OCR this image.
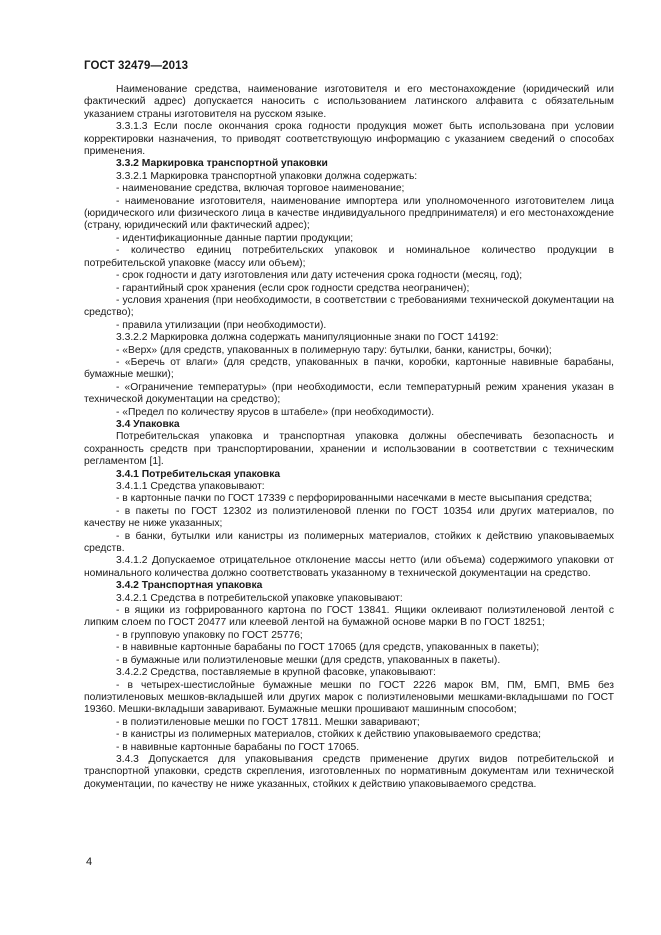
ГОСТ 32479—2013

Наименование средства, наименование изготовителя и его местонахождение (юридический или фактический адрес) допускается наносить с использованием латинского алфавита с обязательным указанием страны изготовителя на русском языке.

3.3.1.3 Если после окончания срока годности продукция может быть использована при условии корректировки назначения, то приводят соответствующую информацию с указанием сведений о способах применения.

3.3.2 Маркировка транспортной упаковки

3.3.2.1 Маркировка транспортной упаковки должна содержать:

- наименование средства, включая торговое наименование;

- наименование изготовителя, наименование импортера или уполномоченного изготовителем лица (юридического или физического лица в качестве индивидуального предпринимателя) и его местонахождение (страну, юридический или фактический адрес);

- идентификационные данные партии продукции;

- количество единиц потребительских упаковок и номинальное количество продукции в потребительской упаковке (массу или объем);

- срок годности и дату изготовления или дату истечения срока годности (месяц, год);

- гарантийный срок хранения (если срок годности средства неограничен);

- условия хранения (при необходимости, в соответствии с требованиями технической документации на средство);

- правила утилизации (при необходимости).

3.3.2.2 Маркировка должна содержать манипуляционные знаки по ГОСТ 14192:

- «Верх» (для средств, упакованных в полимерную тару: бутылки, банки, канистры, бочки);

- «Беречь от влаги» (для средств, упакованных в пачки, коробки, картонные навивные барабаны, бумажные мешки);

- «Ограничение температуры» (при необходимости, если температурный режим хранения указан в технической документации на средство);

- «Предел по количеству ярусов в штабеле» (при необходимости).

3.4 Упаковка

Потребительская упаковка и транспортная упаковка должны обеспечивать безопасность и сохранность средств при транспортировании, хранении и использовании в соответствии с техническим регламентом [1].

3.4.1 Потребительская упаковка

3.4.1.1 Средства упаковывают:

- в картонные пачки по ГОСТ 17339 с перфорированными насечками в месте высыпания средства;

- в пакеты по ГОСТ 12302 из полиэтиленовой пленки по ГОСТ 10354 или других материалов, по качеству не ниже указанных;

- в банки, бутылки или канистры из полимерных материалов, стойких к действию упаковываемых средств.

3.4.1.2 Допускаемое отрицательное отклонение массы нетто (или объема) содержимого упаковки от номинального количества должно соответствовать указанному в технической документации на средство.

3.4.2 Транспортная упаковка

3.4.2.1 Средства в потребительской упаковке упаковывают:

- в ящики из гофрированного картона по ГОСТ 13841. Ящики оклеивают полиэтиленовой лентой с липким слоем по ГОСТ 20477 или клеевой лентой на бумажной основе марки В по ГОСТ 18251;

- в групповую упаковку по ГОСТ 25776;

- в навивные картонные барабаны по ГОСТ 17065 (для средств, упакованных в пакеты);

- в бумажные или полиэтиленовые мешки (для средств, упакованных в пакеты).

3.4.2.2 Средства, поставляемые в крупной фасовке, упаковывают:

- в четырех-шестислойные бумажные мешки по ГОСТ 2226 марок ВМ, ПМ, БМП, ВМБ без полиэтиленовых мешков-вкладышей или других марок с полиэтиленовыми мешками-вкладышами по ГОСТ 19360. Мешки-вкладыши заваривают. Бумажные мешки прошивают машинным способом;

- в полиэтиленовые мешки по ГОСТ 17811. Мешки заваривают;

- в канистры из полимерных материалов, стойких к действию упаковываемого средства;

- в навивные картонные барабаны по ГОСТ 17065.

3.4.3 Допускается для упаковывания средств применение других видов потребительской и транспортной упаковки, средств скрепления, изготовленных по нормативным документам или технической документации, по качеству не ниже указанных, стойких к действию упаковываемого средства.

4
